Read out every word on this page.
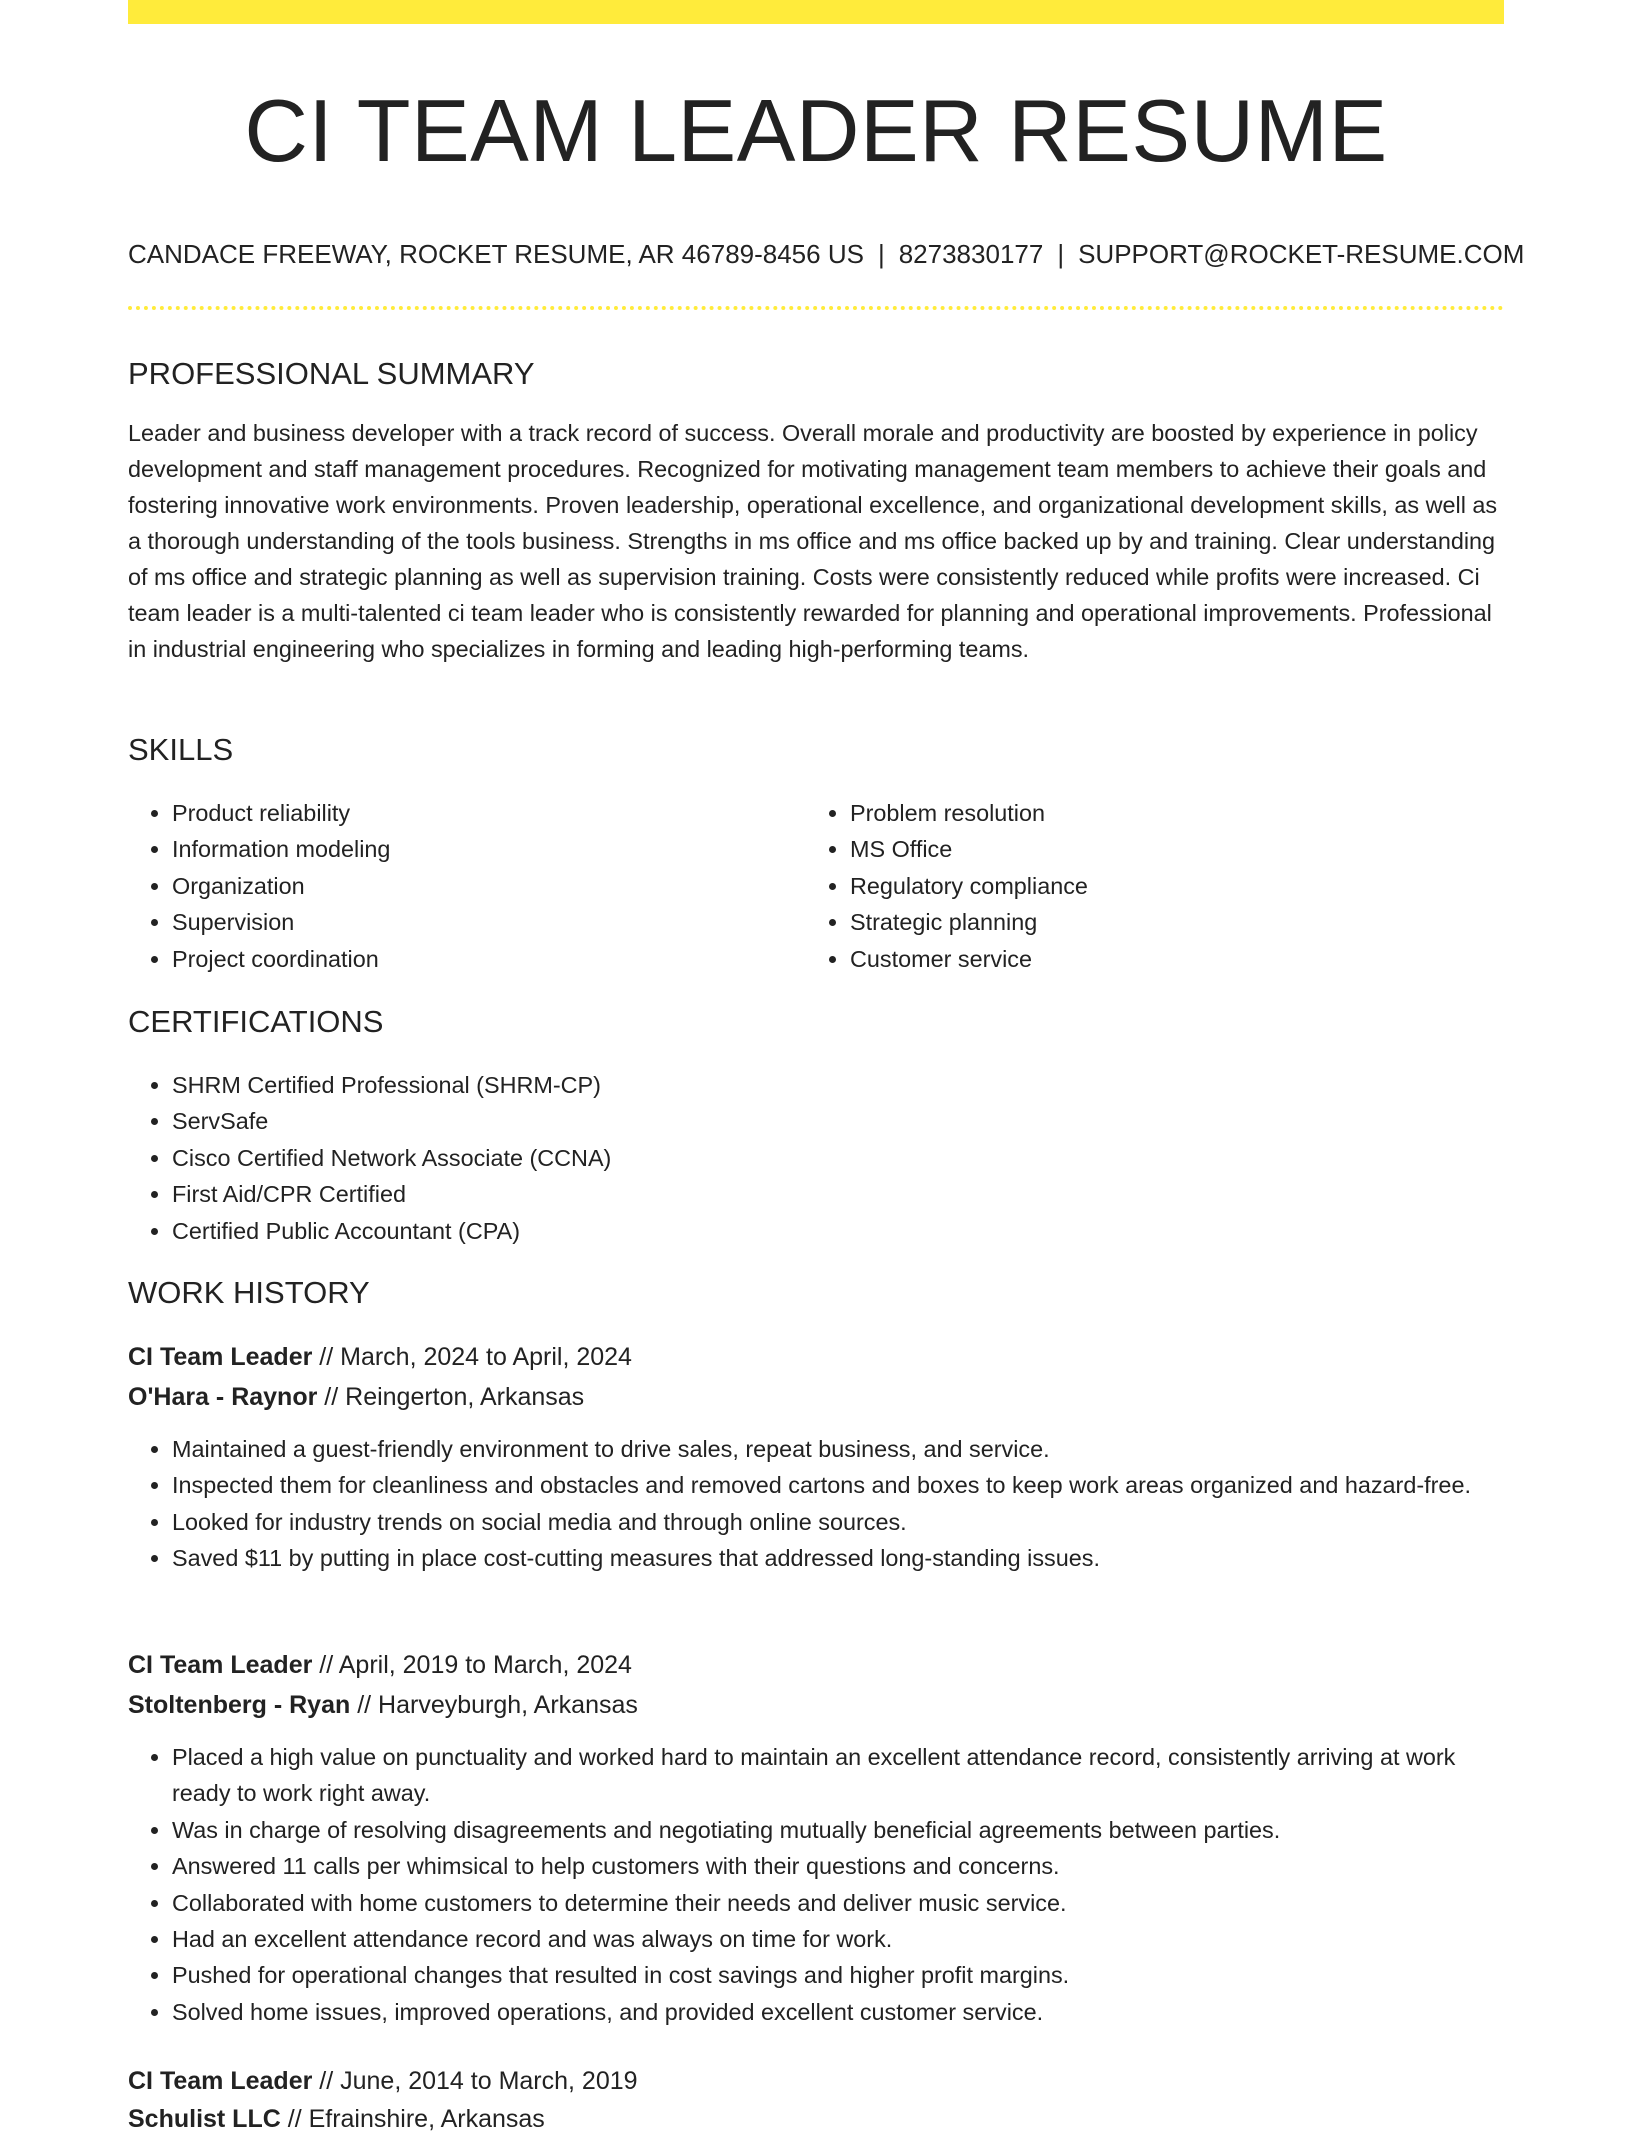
CI TEAM LEADER RESUME
CANDACE FREEWAY, ROCKET RESUME, AR 46789-8456 US | 8273830177 | SUPPORT@ROCKET-RESUME.COM
PROFESSIONAL SUMMARY

Leader and business developer with a track record of success. Overall morale and productivity are boosted by experience in policy development and staff management procedures. Recognized for motivating management team members to achieve their goals and fostering innovative work environments. Proven leadership, operational excellence, and organizational development skills, as well as a thorough understanding of the tools business. Strengths in ms office and ms office backed up by and training. Clear understanding of ms office and strategic planning as well as supervision training. Costs were consistently reduced while profits were increased. Ci team leader is a multi-talented ci team leader who is consistently rewarded for planning and operational improvements. Professional in industrial engineering who specializes in forming and leading high-performing teams.

SKILLS
• Product reliability
• Information modeling
• Organization
• Supervision
• Project coordination
• Problem resolution
• MS Office
• Regulatory compliance
• Strategic planning
• Customer service
CERTIFICATIONS
• SHRM Certified Professional (SHRM-CP)
• ServSafe
• Cisco Certified Network Associate (CCNA)
• First Aid/CPR Certified
• Certified Public Accountant (CPA)
WORK HISTORY
CI Team Leader // March, 2024 to April, 2024
O'Hara - Raynor // Reingerton, Arkansas
• Maintained a guest-friendly environment to drive sales, repeat business, and service.
• Inspected them for cleanliness and obstacles and removed cartons and boxes to keep work areas organized and hazard-free.
• Looked for industry trends on social media and through online sources.
• Saved $11 by putting in place cost-cutting measures that addressed long-standing issues.
CI Team Leader // April, 2019 to March, 2024
Stoltenberg - Ryan // Harveyburgh, Arkansas
• Placed a high value on punctuality and worked hard to maintain an excellent attendance record, consistently arriving at work ready to work right away.
• Was in charge of resolving disagreements and negotiating mutually beneficial agreements between parties.
• Answered 11 calls per whimsical to help customers with their questions and concerns.
• Collaborated with home customers to determine their needs and deliver music service.
• Had an excellent attendance record and was always on time for work.
• Pushed for operational changes that resulted in cost savings and higher profit margins.
• Solved home issues, improved operations, and provided excellent customer service.
CI Team Leader // June, 2014 to March, 2019
Schulist LLC // Efrainshire, Arkansas
